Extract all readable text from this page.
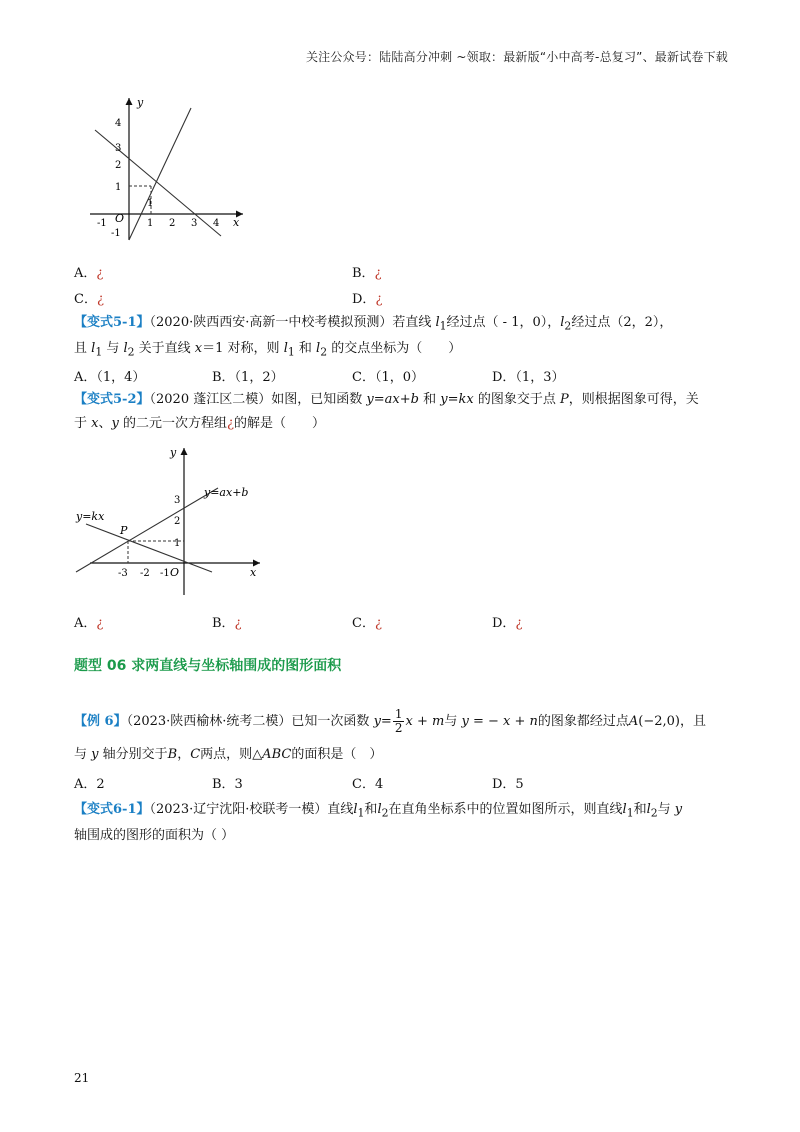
关注公众号：陆陆高分冲刺 ~领取：最新版“小中高考-总复习”、最新试卷下载
y
x
O
4
3
2
1
-1
-1	1 2 3 4
1
A．¿	B．¿
C．¿	D．¿
【变式5-1】（2020·陕西西安·高新一中校考模拟预测）若直线 $l_1$经过点（ - 1，0），$l_2$经过点（2，2），
且 $l_1$ 与 $l_2$ 关于直线 x＝1 对称，则 $l_1$ 和 $l_2$ 的交点坐标为（　　）
A．（1，4）	B．（1，2）	C．（1，0）	D．（1，3）
【变式5-2】（2020 蓬江区二模）如图，已知函数 y=ax+b 和 y=kx 的图象交于点 P，则根据图象可得，关
于 x、y 的二元一次方程组¿的解是（　　）
y
x
O
y=ax+b
y=kx
P
3
2
1
-3 -2 -1
A．¿	B．¿	C．¿	D．¿
题型 06 求两直线与坐标轴围成的图形面积
【例 6】（2023·陕西榆林·统考二模）已知一次函数 $y= \frac{1}{2}$ x + m与 y = − x + n的图象都经过点A(−2,0)，且
与 y 轴分别交于B，C两点，则△ABC的面积是（　）
A．2	B．3	C．4	D．5
【变式6-1】（2023·辽宁沈阳·校联考一模）直线$l_1$和$l_2$在直角坐标系中的位置如图所示，则直线$l_1$和$l_2$与 y
轴围成的图形的面积为（ ）
21
